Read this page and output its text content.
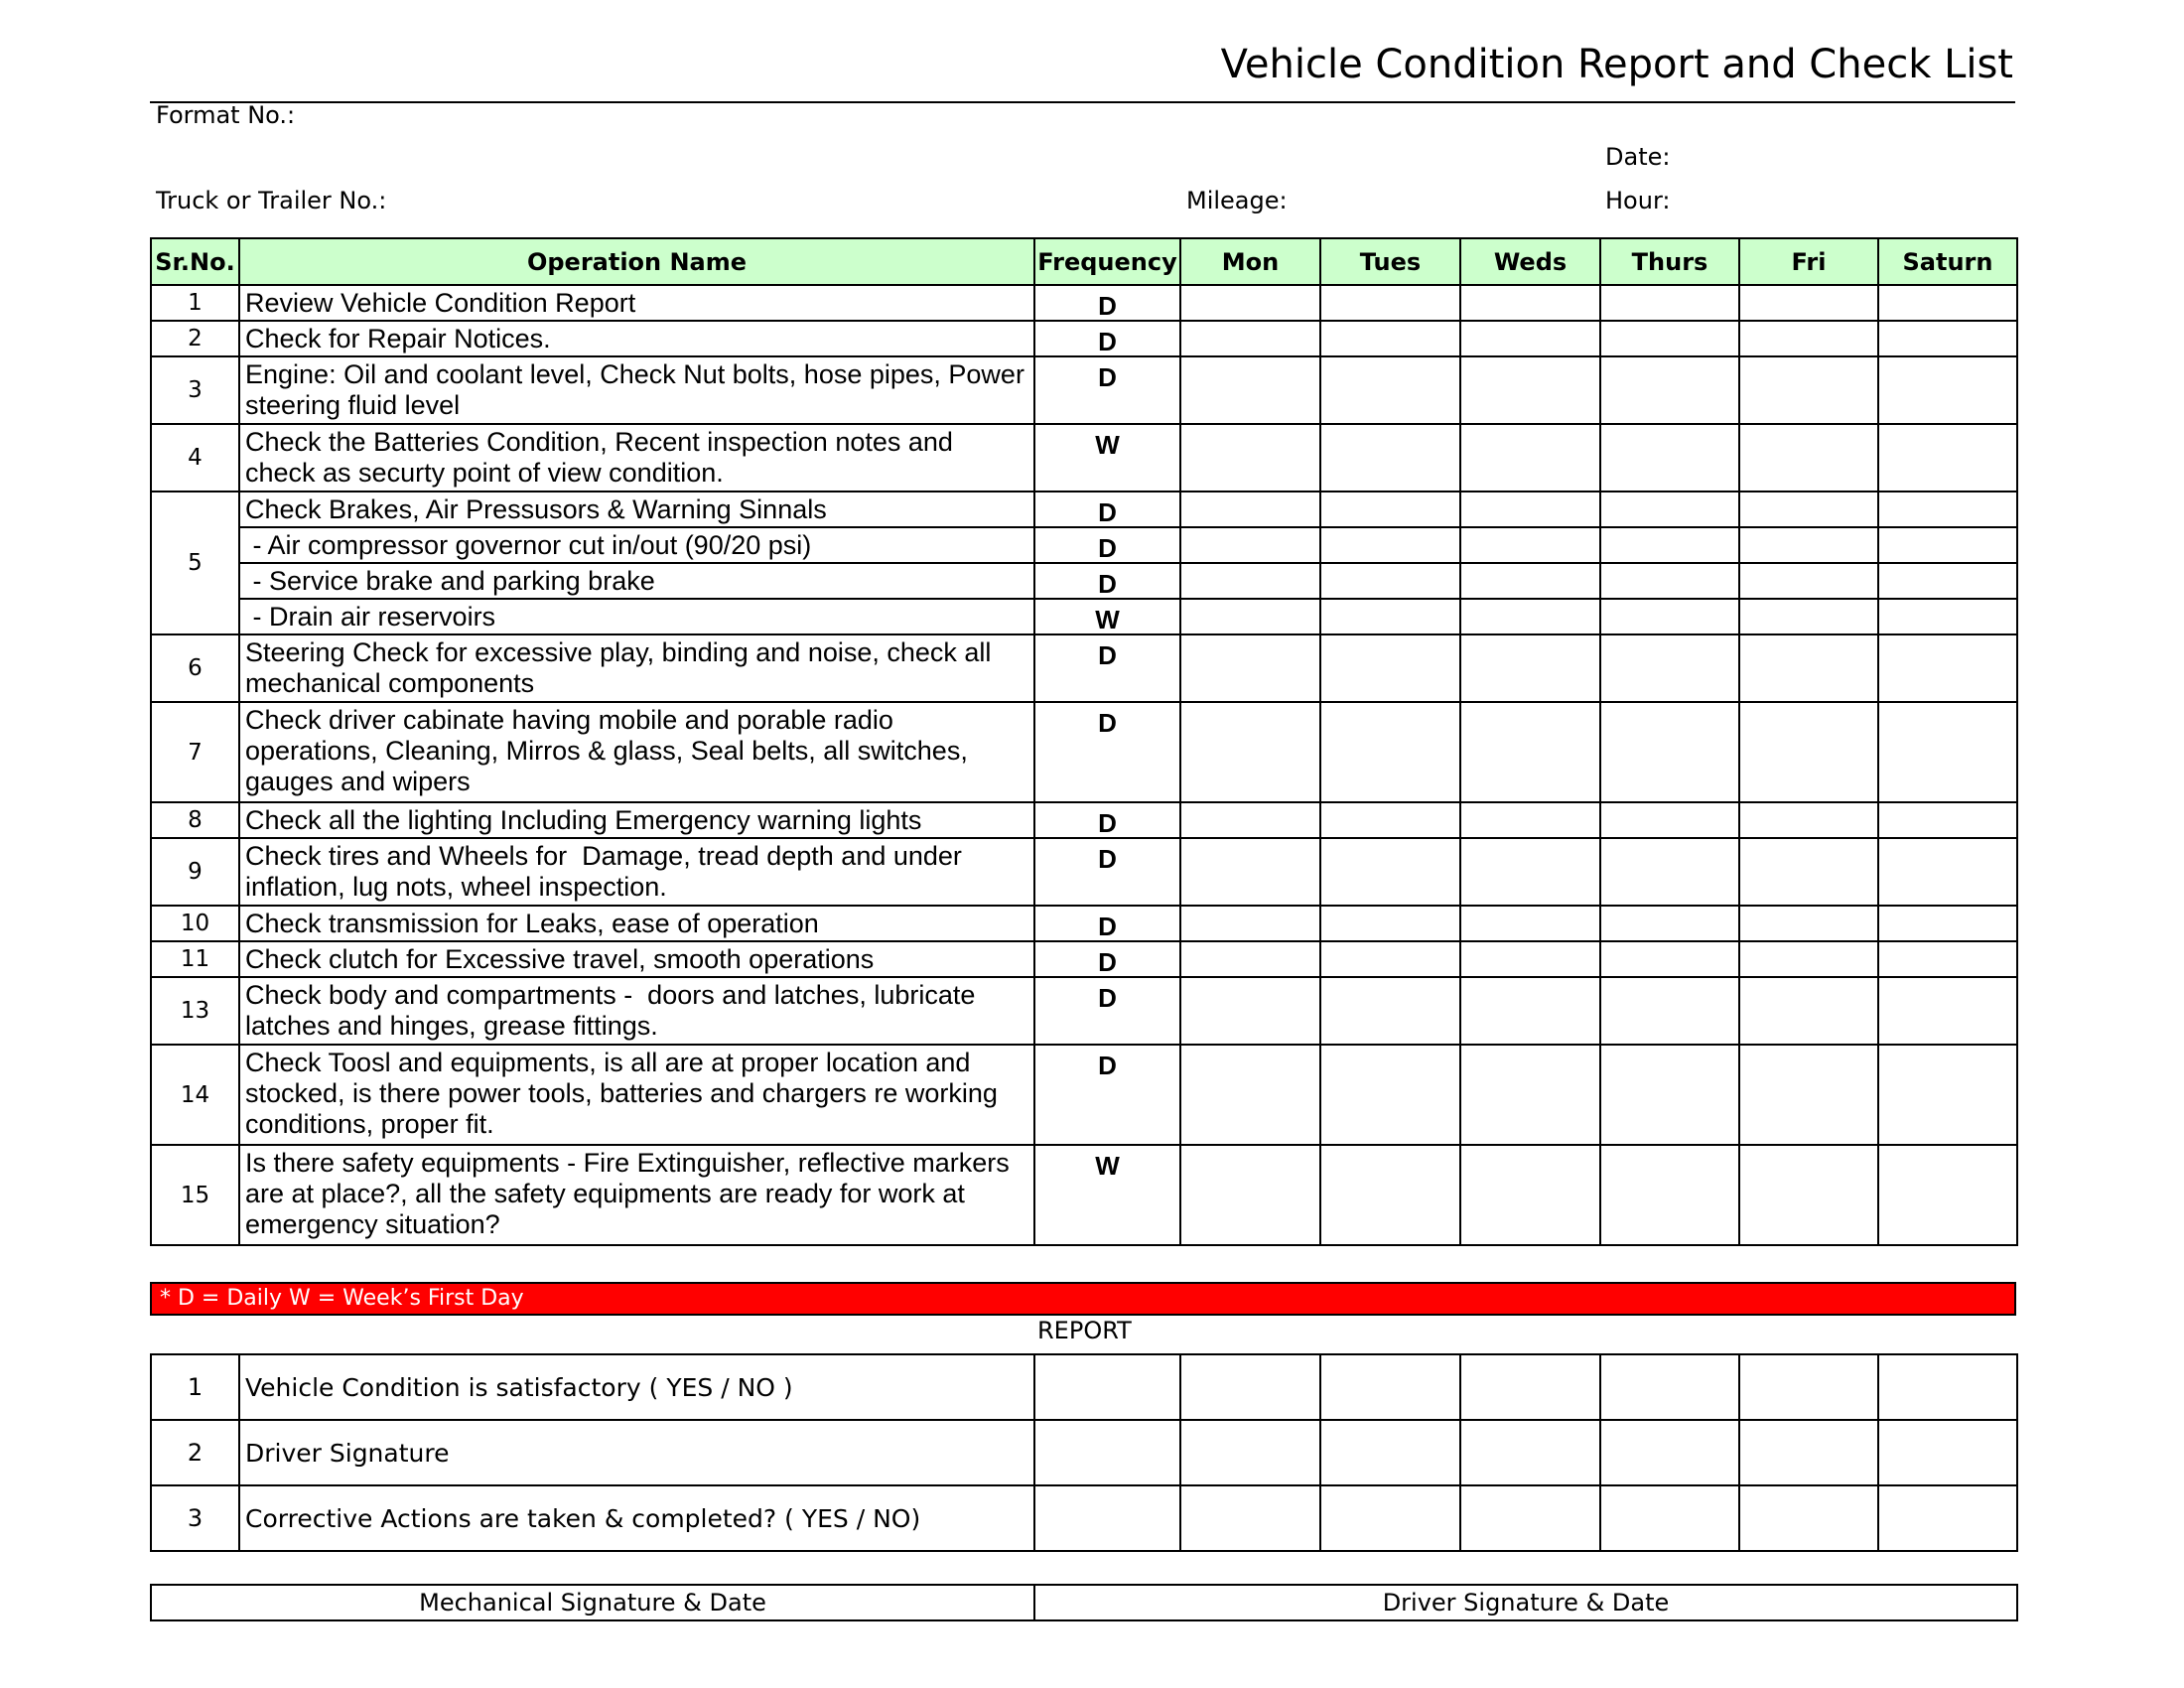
Vehicle Condition Report and Check List
Format No.:
Date:
Truck or Trailer No.:	Mileage:	Hour:
Sr.No.	Operation Name	Frequency	Mon	Tues	Weds	Thurs	Fri	Saturn
1	Review Vehicle Condition Report	D						
2	Check for Repair Notices.	D						
3	Engine: Oil and coolant level, Check Nut bolts, hose pipes, Power steering fluid level	D						
4	Check the Batteries Condition, Recent inspection notes and check as securty point of view condition.	W						
5	Check Brakes, Air Pressusors & Warning Sinnals	D						
	- Air compressor governor cut in/out (90/20 psi)	D						
	- Service brake and parking brake	D						
	- Drain air reservoirs	W						
6	Steering Check for excessive play, binding and noise, check all mechanical components	D						
7	Check driver cabinate having mobile and porable radio operations, Cleaning, Mirros & glass, Seal belts, all switches, gauges and wipers	D						
8	Check all the lighting Including Emergency warning lights	D						
9	Check tires and Wheels for  Damage, tread depth and under inflation, lug nots, wheel inspection.	D						
10	Check transmission for Leaks, ease of operation	D						
11	Check clutch for Excessive travel, smooth operations	D						
13	Check body and compartments -  doors and latches, lubricate latches and hinges, grease fittings.	D						
14	Check Toosl and equipments, is all are at proper location and stocked, is there power tools, batteries and chargers re working conditions, proper fit.	D						
15	Is there safety equipments - Fire Extinguisher, reflective markers are at place?, all the safety equipments are ready for work at emergency situation?	W						
* D = Daily W = Week’s First Day
REPORT
1	Vehicle Condition is satisfactory ( YES / NO )							
2	Driver Signature							
3	Corrective Actions are taken & completed? ( YES / NO)							
Mechanical Signature & Date	Driver Signature & Date
